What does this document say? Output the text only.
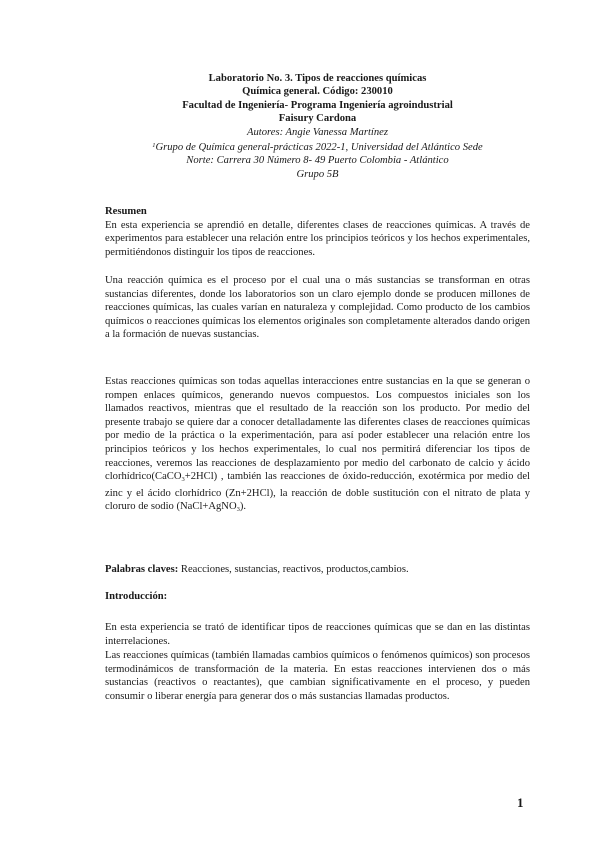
Laboratorio No. 3. Tipos de reacciones químicas
Química general. Código: 230010
Facultad de Ingeniería- Programa Ingeniería agroindustrial
Faisury Cardona
Autores: Angie Vanessa Martínez
$^1$Grupo de Química general-prácticas 2022-1, Universidad del Atlántico Sede
Norte: Carrera 30 Número 8- 49 Puerto Colombia - Atlántico
Grupo 5B
Resumen
En esta experiencia se aprendió en detalle, diferentes clases de reacciones químicas. A través de experimentos para establecer una relación entre los principios teóricos y los hechos experimentales, permitiéndonos distinguir los tipos de reacciones.
Una reacción química es el proceso por el cual una o más sustancias se transforman en otras sustancias diferentes, donde los laboratorios son un claro ejemplo donde se producen millones de reacciones químicas, las cuales varían en naturaleza y complejidad. Como producto de los cambios químicos o reacciones químicas los elementos originales son completamente alterados dando origen a la formación de nuevas sustancias.
Estas reacciones químicas son todas aquellas interacciones entre sustancias en la que se generan o rompen enlaces químicos, generando nuevos compuestos. Los compuestos iniciales son los llamados reactivos, mientras que el resultado de la reacción son los producto. Por medio del presente trabajo se quiere dar a conocer detalladamente las diferentes clases de reacciones químicas por medio de la práctica o la experimentación, para así poder establecer una relación entre los principios teóricos y los hechos experimentales, lo cual nos permitirá diferenciar los tipos de reacciones, veremos las reacciones de desplazamiento por medio del carbonato de calcio y ácido clorhídrico(CaCO$_3$+2HCl) , también las reacciones de óxido-reducción, exotérmica por medio del zinc y el ácido clorhídrico (Zn+2HCl), la reacción de doble sustitución con el nitrato de plata y cloruro de sodio (NaCl+AgNO$_3$).
Palabras claves: Reacciones, sustancias, reactivos, productos,cambios.
Introducción:
En esta experiencia se trató de identificar tipos de reacciones químicas que se dan en las distintas interrelaciones.
Las reacciones químicas (también llamadas cambios químicos o fenómenos químicos) son procesos termodinámicos de transformación de la materia. En estas reacciones intervienen dos o más sustancias (reactivos o reactantes), que cambian significativamente en el proceso, y pueden consumir o liberar energía para generar dos o más sustancias llamadas productos.
1
